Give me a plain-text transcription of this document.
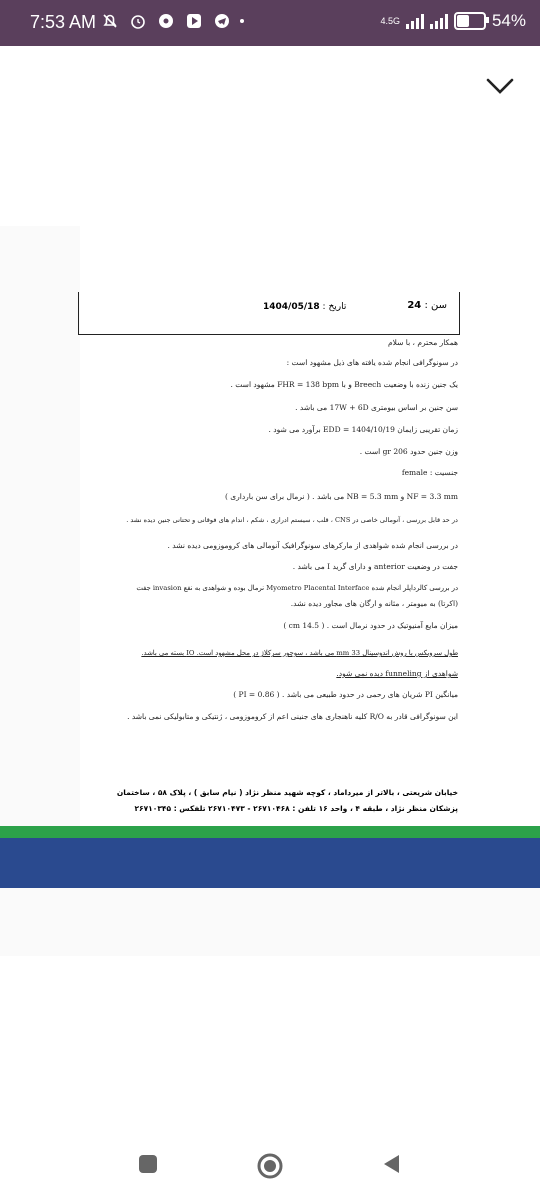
7:53 AM	4.5G	54%
سن : 24
تاریخ : 1404/05/18
همکار محترم ، با سلام
در سونوگرافی انجام شده یافته های ذیل مشهود است :
یک جنین زنده با وضعیت Breech و با FHR = 138 bpm مشهود است .
سن جنین بر اساس بیومتری 17W + 6D می باشد .
زمان تقریبی زایمان EDD = 1404/10/19 برآورد می شود .
وزن جنین حدود 206 gr است .
جنسیت : female
NF = 3.3 mm و NB = 5.3 mm می باشد . ( نرمال برای سن بارداری )
در حد قابل بررسی ، آنومالی خاصی در CNS ، قلب ، سیستم ادراری ، شکم ، اندام های فوقانی و تحتانی جنین دیده نشد .
در بررسی انجام شده شواهدی از مارکرهای سونوگرافیک آنومالی های کروموزومی دیده نشد .
جفت در وضعیت anterior و دارای گرید I می باشد .
در بررسی کالرداپلر انجام شده Myometro Placental Interface نرمال بوده و شواهدی به نفع invasion جفت
(اکرتا) به میومتر ، مثانه و ارگان های مجاور دیده نشد.
میزان مایع آمنیوتیک در حدود نرمال است . ( 14.5 cm )
طول سرویکس با روش اندوسینال 33 mm می باشد ، سوچور سرکلاژ در محل مشهود است. IO بسته می باشد.
شواهدی از funneling دیده نمی شود.
میانگین PI شریان های رحمی در حدود طبیعی می باشد . ( PI = 0.86 )
این سونوگرافی قادر به R/O کلیه ناهنجاری های جنینی اعم از کروموزومی ، ژنتیکی و متابولیکی نمی باشد .
خیابان شریعتی ، بالاتر از میرداماد ، کوچه شهید منظر نژاد ( نیام سابق ) ، پلاک ۵۸ ، ساختمان
پزشکان منظر نژاد ، طبقه ۴ ، واحد ۱۶ تلفن : ۲۶۷۱۰۴۶۸ - ۲۶۷۱۰۴۷۳ تلفکس : ۲۶۷۱۰۳۴۵
